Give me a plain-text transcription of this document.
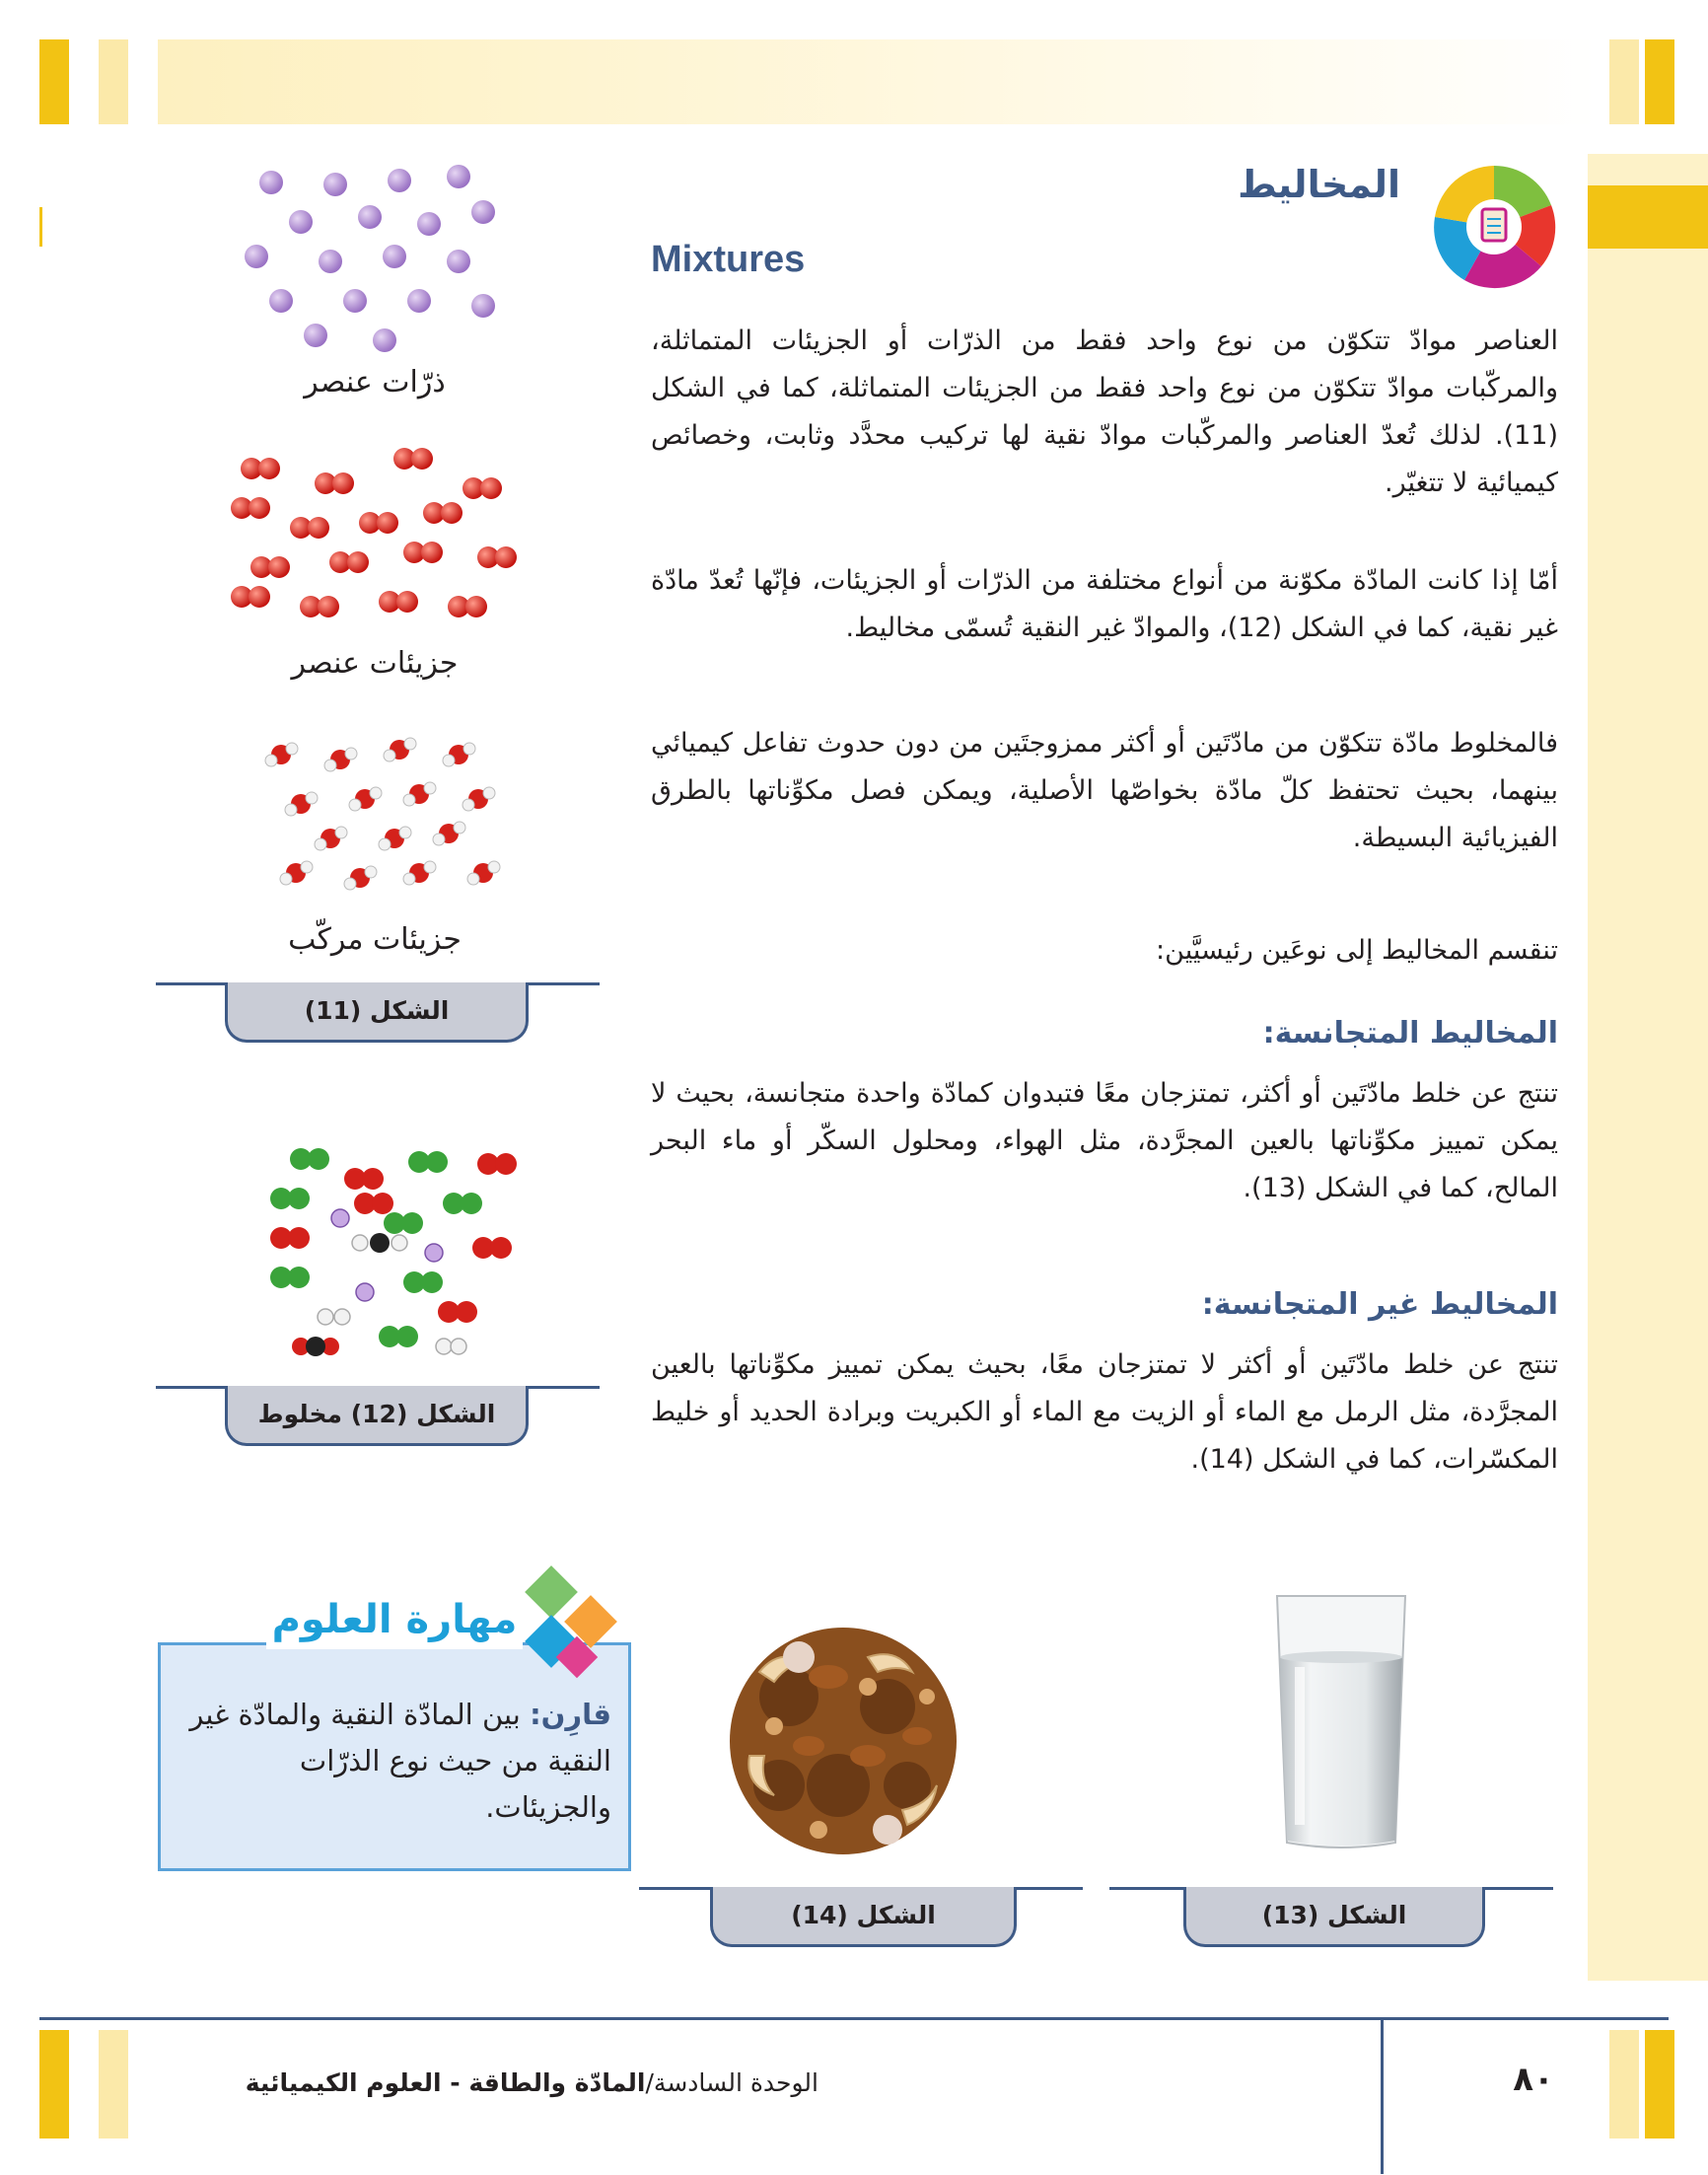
المخاليط
Mixtures
العناصر موادّ تتكوّن من نوع واحد فقط من الذرّات أو الجزيئات المتماثلة، والمركّبات موادّ تتكوّن من نوع واحد فقط من الجزيئات المتماثلة، كما في الشكل (11). لذلك تُعدّ العناصر والمركّبات موادّ نقية لها تركيب محدَّد وثابت، وخصائص كيميائية لا تتغيّر.
أمّا إذا كانت المادّة مكوّنة من أنواع مختلفة من الذرّات أو الجزيئات، فإنّها تُعدّ مادّة غير نقية، كما في الشكل (12)، والموادّ غير النقية تُسمّى مخاليط.
فالمخلوط مادّة تتكوّن من مادّتَين أو أكثر ممزوجتَين من دون حدوث تفاعل كيميائي بينهما، بحيث تحتفظ كلّ مادّة بخواصّها الأصلية، ويمكن فصل مكوِّناتها بالطرق الفيزيائية البسيطة.
تنقسم المخاليط إلى نوعَين رئيسيَّين:
المخاليط المتجانسة:
تنتج عن خلط مادّتَين أو أكثر، تمتزجان معًا فتبدوان كمادّة واحدة متجانسة، بحيث لا يمكن تمييز مكوِّناتها بالعين المجرَّدة، مثل الهواء، ومحلول السكّر أو ماء البحر المالح، كما في الشكل (13).
المخاليط غير المتجانسة:
تنتج عن خلط مادّتَين أو أكثر لا تمتزجان معًا، بحيث يمكن تمييز مكوِّناتها بالعين المجرَّدة، مثل الرمل مع الماء أو الزيت مع الماء أو الكبريت وبرادة الحديد أو خليط المكسّرات، كما في الشكل (14).
ذرّات عنصر
جزيئات عنصر
جزيئات مركّب
الشكل (11)
الشكل (12) مخلوط
الشكل (13)
الشكل (14)
مهارة العلوم
قارِن: بين المادّة النقية والمادّة غير النقية من حيث نوع الذرّات والجزيئات.
الوحدة السادسة/المادّة والطاقة - العلوم الكيميائية	٨٠
